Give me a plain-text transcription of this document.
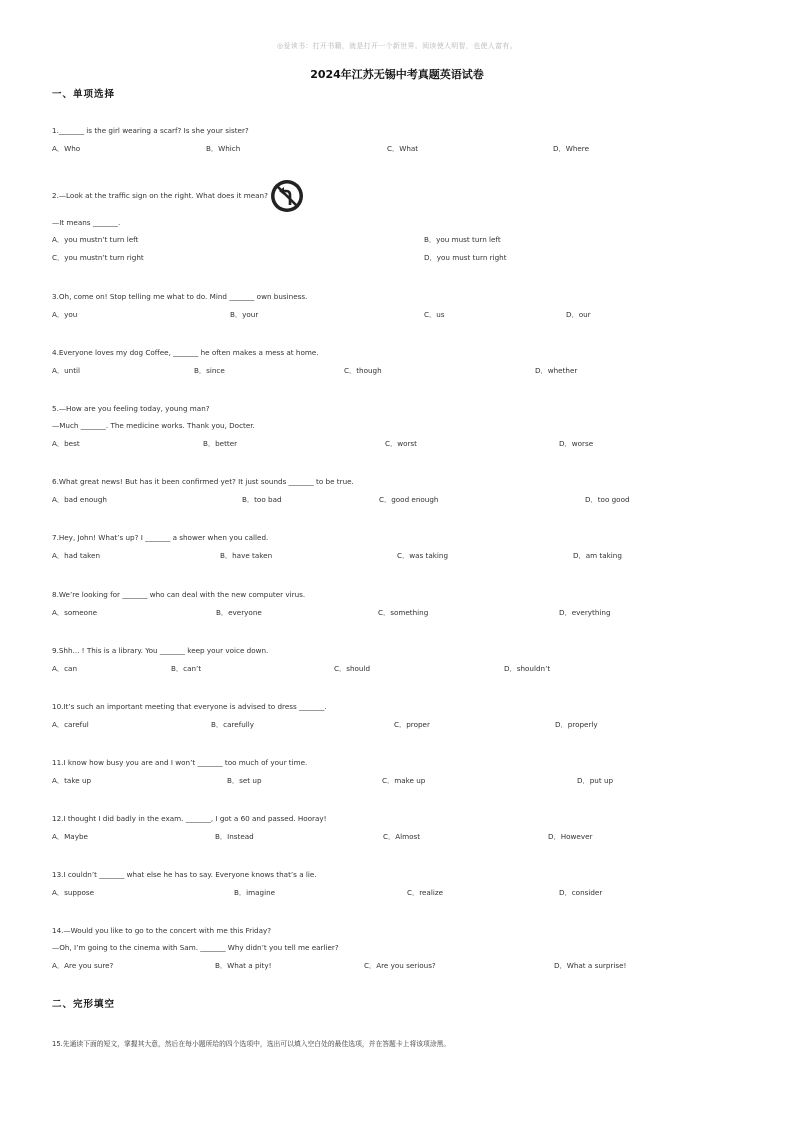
◎爱读书：打开书籍，就是打开一个新世界。阅读使人明智，也使人富有。
2024年江苏无锡中考真题英语试卷
一、单项选择
1._______ is the girl wearing a scarf? Is she your sister?
A．Who	B．Which	C．What	D．Where
2.—Look at the traffic sign on the right. What does it mean?
—It means _______.
A．you mustn’t turn left	B．you must turn left
C．you mustn’t turn right	D．you must turn right
3.Oh, come on! Stop telling me what to do. Mind _______ own business.
A．you	B．your	C．us	D．our
4.Everyone loves my dog Coffee, _______ he often makes a mess at home.
A．until	B．since	C．though	D．whether
5.—How are you feeling today, young man?
—Much _______. The medicine works. Thank you, Docter.
A．best	B．better	C．worst	D．worse
6.What great news! But has it been confirmed yet? It just sounds _______ to be true.
A．bad enough	B．too bad	C．good enough	D．too good
7.Hey, John! What’s up? I _______ a shower when you called.
A．had taken	B．have taken	C．was taking	D．am taking
8.We’re looking for _______ who can deal with the new computer virus.
A．someone	B．everyone	C．something	D．everything
9.Shh... ! This is a library. You _______ keep your voice down.
A．can	B．can’t	C．should	D．shouldn’t
10.It’s such an important meeting that everyone is advised to dress _______.
A．careful	B．carefully	C．proper	D．properly
11.I know how busy you are and I won’t _______ too much of your time.
A．take up	B．set up	C．make up	D．put up
12.I thought I did badly in the exam. _______, I got a 60 and passed. Hooray!
A．Maybe	B．Instead	C．Almost	D．However
13.I couldn’t _______ what else he has to say. Everyone knows that’s a lie.
A．suppose	B．imagine	C．realize	D．consider
14.—Would you like to go to the concert with me this Friday?
—Oh, I’m going to the cinema with Sam. _______ Why didn’t you tell me earlier?
A．Are you sure?	B．What a pity!	C．Are you serious?	D．What a surprise!
二、完形填空
15.先通读下面的短文，掌握其大意，然后在每小题所给的四个选项中，选出可以填入空白处的最佳选项，并在答题卡上将该项涂黑。
